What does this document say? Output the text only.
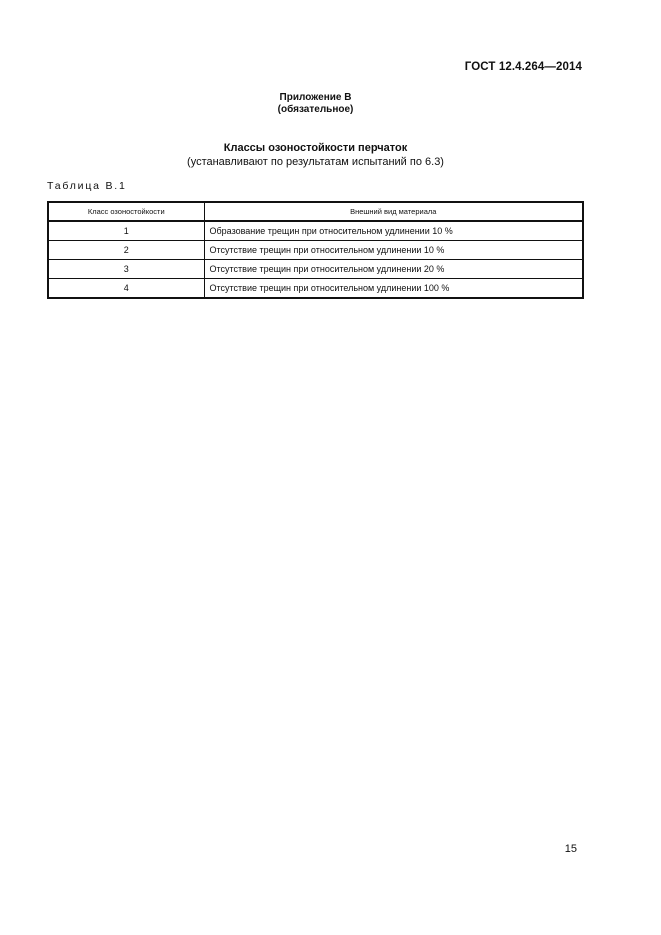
ГОСТ 12.4.264—2014
Приложение В
(обязательное)
Классы озоностойкости перчаток
(устанавливают по результатам испытаний по 6.3)
Таблица В.1
Класс озоностойкости	Внешний вид материала
1	Образование трещин при относительном удлинении 10 %
2	Отсутствие трещин при относительном удлинении 10 %
3	Отсутствие трещин при относительном удлинении 20 %
4	Отсутствие трещин при относительном удлинении 100 %
15
